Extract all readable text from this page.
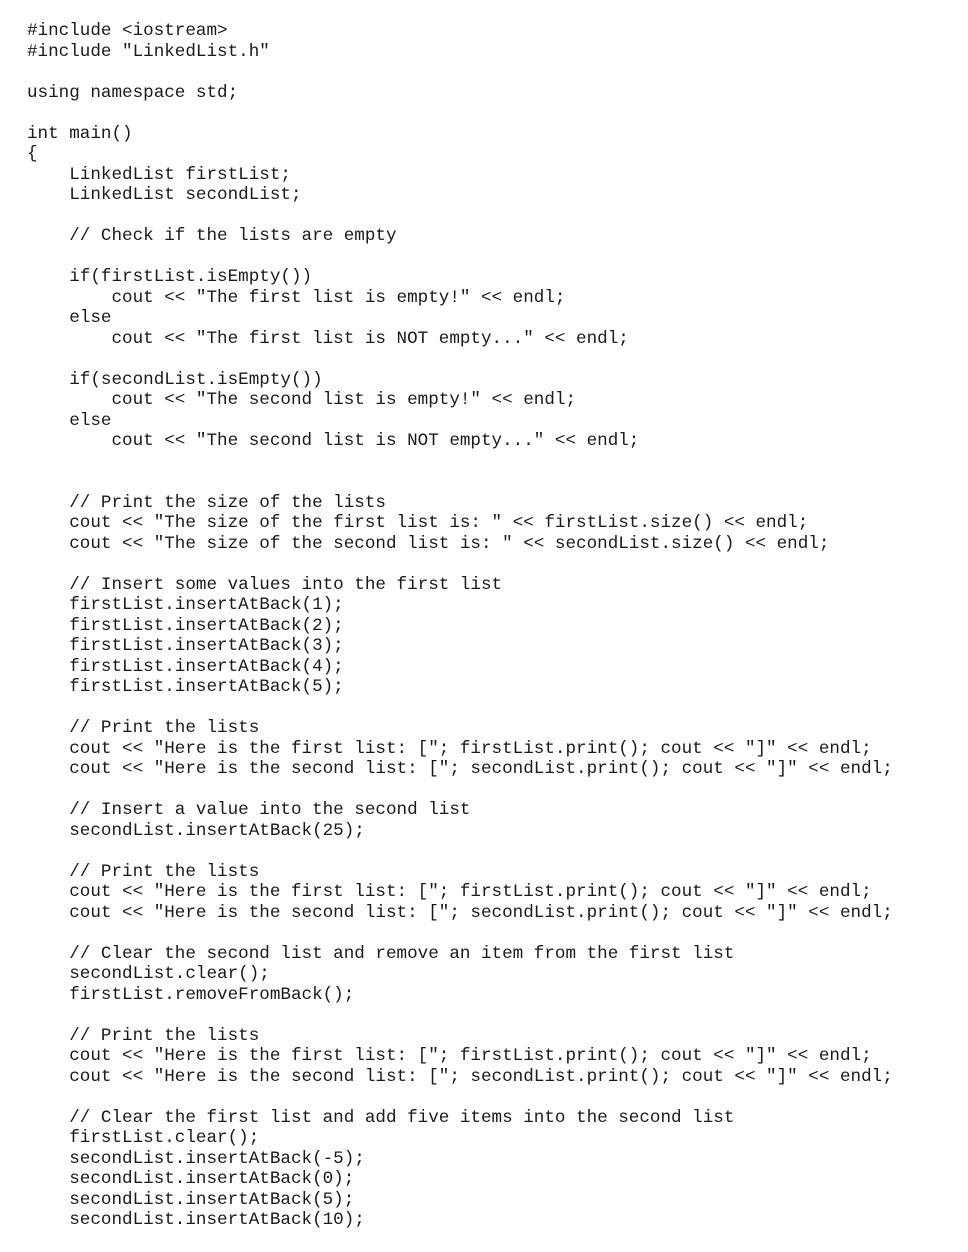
#include <iostream>
#include "LinkedList.h"
using namespace std;
int main()
{
LinkedList firstList;
LinkedList secondList;
// Check if the lists are empty
if(firstList.isEmpty())
cout << "The first list is empty!" << endl;
else
cout << "The first list is NOT empty..." << endl;
if(secondList.isEmpty())
cout << "The second list is empty!" << endl;
else
cout << "The second list is NOT empty..." << endl;
// Print the size of the lists
cout << "The size of the first list is: " << firstList.size() << endl;
cout << "The size of the second list is: " << secondList.size() << endl;
// Insert some values into the first list
firstList.insertAtBack(1);
firstList.insertAtBack(2);
firstList.insertAtBack(3);
firstList.insertAtBack(4);
firstList.insertAtBack(5);
// Print the lists
cout << "Here is the first list: ["; firstList.print(); cout << "]" << endl;
cout << "Here is the second list: ["; secondList.print(); cout << "]" << endl;
// Insert a value into the second list
secondList.insertAtBack(25);
// Print the lists
cout << "Here is the first list: ["; firstList.print(); cout << "]" << endl;
cout << "Here is the second list: ["; secondList.print(); cout << "]" << endl;
// Clear the second list and remove an item from the first list
secondList.clear();
firstList.removeFromBack();
// Print the lists
cout << "Here is the first list: ["; firstList.print(); cout << "]" << endl;
cout << "Here is the second list: ["; secondList.print(); cout << "]" << endl;
// Clear the first list and add five items into the second list
firstList.clear();
secondList.insertAtBack(-5);
secondList.insertAtBack(0);
secondList.insertAtBack(5);
secondList.insertAtBack(10);
